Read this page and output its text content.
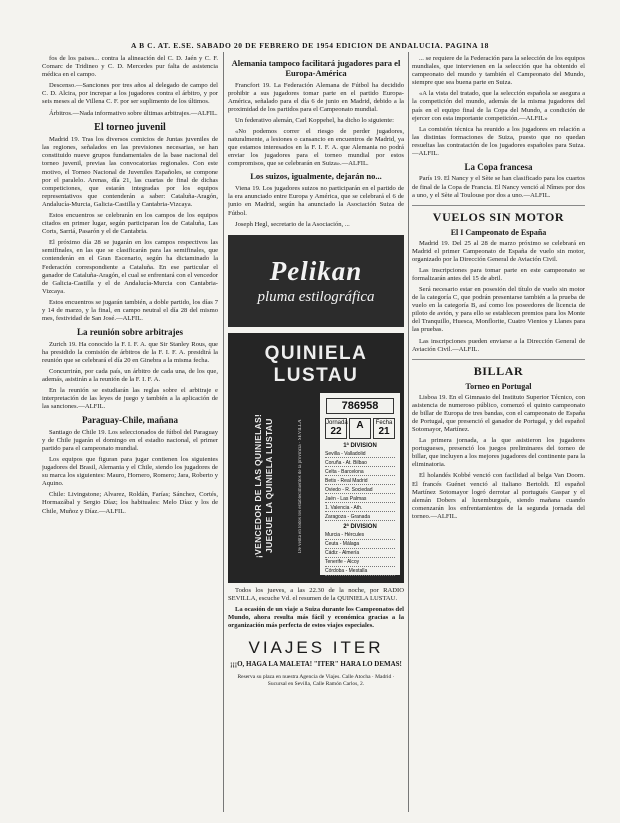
A B C. AT. E.SE. SABADO 20 DE FEBRERO DE 1954 EDICION DE ANDALUCIA. PAGINA 18

fos de los paises... contra la alineación del C. D. Jaén y C. F. Comarc de Tridineo y C. D. Mercedes pur falta de asistencia médica en el campo.

Descenso.—Sanciones por tres años al delegado de campo del C. D. Alcira, por increpar a los jugadores contra el árbitro, y por seis meses al de Villena C. F. por ser suplimento de los últimos.

Árbitros.—Nada informativo sobre últimas arbitrajes.—ALFIL.

El torneo juvenil

Madrid 19. Tras los diversos comicios de Juntas juveniles de las regiones, señalados en las previsiones necesarias, se han constituido nueve grupos fundamentales de la base nacional del torneo juvenil, previas las convocatorias regionales. Con este motivo, el Torneo Nacional de Juveniles Españoles, se compone por el paralelo. Arenas, día 21, las cuartas de final de dichas competiciones, que estarán integradas por los equipos representativos que contenderán a saber: Cataluña-Aragón, Andalucía-Murcia, Galicia-Castilla y Cantabria-Vizcaya.

Estos encuentros se celebrarán en los campos de los equipos citados en primer lugar, según participaran los de Cataluña, Las Corts, Sarriá, Pasarón y el de Cantabria.

El próximo día 28 se jugarán en los campos respectivos las semifinales, en las que se clasificarán para las semifinales, que contenderán en el Gran Escenario, según ha dictaminado la Federación correspondiente a Cataluña. En ese particular el ganador de Cataluña-Aragón, el cual se enfrentará con el vencedor de Galicia-Castilla y el de Andalucía-Murcia con Cantabria-Vizcaya.

Estos encuentros se jugarán también, a doble partido, los días 7 y 14 de marzo, y la final, en campo neutral el día 28 del mismo mes, festividad de San José.—ALFIL.

La reunión sobre arbitrajes

Zurich 19. Ha conocido la F. I. F. A. que Sir Stanley Rous, que ha presidido la comisión de árbitros de la F. I. F. A. presidirá la reunión que se celebrará el día 20 en Ginebra a la misma fecha.

Concurrirán, por cada país, un árbitro de cada una, de los que, además, asistirán a la reunión de la F. I. F. A.

En la reunión se estudiarán las reglas sobre el arbitraje e interpretación de las leyes de juego y también a la aplicación de las sanciones.—ALFIL.

Paraguay-Chile, mañana

Santiago de Chile 19. Los seleccionados de fútbol del Paraguay y de Chile jugarán el domingo en el estadio nacional, el primer partido para el campeonato mundial.

Los equipos que figuran para jugar contienen los siguientes jugadores del Brasil, Alemania y el Chile, siendo los jugadores de su marca los siguientes: Mauro, Hornero, Romero; Jara, Roberto y Aquino.

Chile: Livingstone; Alvarez, Roldán, Farías; Sánchez, Cortés, Hormazábal y Sergio Díaz; los habituales: Melo Díaz y los de Chile, Muñoz y Díaz.—ALFIL.

Alemania tampoco facilitará jugadores para el Europa-América

Francfort 19. La Federación Alemana de Fútbol ha decidido prohibir a sus jugadores tomar parte en el partido Europa-América, señalado para el día 6 de junio en Madrid, debido a la proximidad de los partidos para el Campeonato mundial.

Un federativo alemán, Carl Koppehel, ha dicho lo siguiente:

«No podemos correr el riesgo de perder jugadores, naturalmente, a lesiones o cansancio en encuentros de Madrid, ya que estamos interesados en la F. I. F. A. que Alemania no podrá enviar los jugadores para el torneo mundial por estos compromisos, que se celebrarán en Suiza».—ALFIL.

Los suizos, igualmente, dejarán no...

Viena 19. Los jugadores suizos no participarán en el partido de la era anunciado entre Europa y América, que se celebrará el 6 de junio en Madrid, según ha anunciado la Asociación Suiza de Fútbol.

Joseph Hegl, secretario de la Asociación, ...

Pelikan
pluma estilográfica
QUINIELA LUSTAU
¡VENCEDOR DE LAS QUINIELAS! JUEGUE LA QUINIELA LUSTAU	De venta en todos los establecimientos de la provincia · SEVILLA
786958
Jornada
22
A	Fecha
21
1ª DIVISION
Sevilla - Valladolid
Coruña - At. Bilbao
Celta - Barcelona
Betis - Real Madrid
Oviedo - R. Sociedad
Jaén - Las Palmas
1. Valencia - Ath.
Zaragoza - Granada
2ª DIVISION
Murcia - Hércules
Ceuta - Málaga
Cádiz - Almería
Tenerife - Alcoy
Córdoba - Mestalla

Todos los jueves, a las 22.30 de la noche, por RADIO SEVILLA, escuche Vd. el resumen de la QUINIELA LUSTAU.

La ocasión de un viaje a Suiza durante los Campeonatos del Mundo, ahora resulta más fácil y económica gracias a la organización más perfecta de estos viajes especiales.

VIAJES ITER
¡¡¡O, HAGA LA MALETA! "ITER" HARA LO DEMAS!
Reserva su plaza en nuestra Agencia de Viajes. Calle Atocha · Madrid · Sucursal en Sevilla, Calle Ramón Carlos, 2.

... se requiere de la Federación para la selección de los equipos mundiales, que intervienen en la selección que ha obtenido el campeonato del mundo y también el Campeonato del Mundo, siempre que sea buena parte en Suiza.

«A la vista del tratado, que la selección española se asegura a la competición del mundo, además de la misma jugadores del país en el equipo final de la Copa del Mundo, a condición de ejercer con esta importante competición.—ALFIL»

La comisión técnica ha reunido a los jugadores en relación a las distintas formaciones de Suiza, puesto que no quedan resueltas las contratación de los jugadores españoles para Suiza.—ALFIL.

La Copa francesa

París 19. El Nancy y el Sète se han clasificado para los cuartos de final de la Copa de Francia. El Nancy venció al Nîmes por dos a uno, y el Sète al Toulouse por dos a uno.—ALFIL.

VUELOS SIN MOTOR
El I Campeonato de España

Madrid 19. Del 25 al 28 de marzo próximo se celebrará en Madrid el primer Campeonato de España de vuelo sin motor, organizado por la Dirección General de Aviación Civil.

Las inscripciones para tomar parte en este campeonato se formalizarán antes del 15 de abril.

Será necesario estar en posesión del título de vuelo sin motor de la categoría C, que podrán presentarse también a la prueba de vuelo en la categoría B, así como los poseedores de licencia de piloto de avión, y para ello se establecen premios para los Monte del Tranquillo, Huesca, Monflorite, Cuatro Vientos y Llanes para las pruebas.

Las inscripciones pueden enviarse a la Dirección General de Aviación Civil.—ALFIL.

BILLAR
Torneo en Portugal

Lisboa 19. En el Gimnasio del Instituto Superior Técnico, con asistencia de numeroso público, comenzó el quinto campeonato de billar de Europa de tres bandas, con el campeonato de España de Portugal, que presenció el ganador de Portugal, y del español Sotomayor, Martínez.

La primera jornada, a la que asistieron los jugadores portugueses, presenció los juegos preliminares del torneo de billar, que incluyen a los mejores jugadores del continente para la eliminatoria.

El holandés Kobbé venció con facilidad al belga Van Doorn. El francés Guénet venció al italiano Bertoldi. El español Martínez Sotomayor logró derrotar al portugués Gaspar y el alemán Dobers al luxemburgués, siendo mañana cuando comenzarán los enfrentamientos de la segunda jornada del torneo.—ALFIL.
